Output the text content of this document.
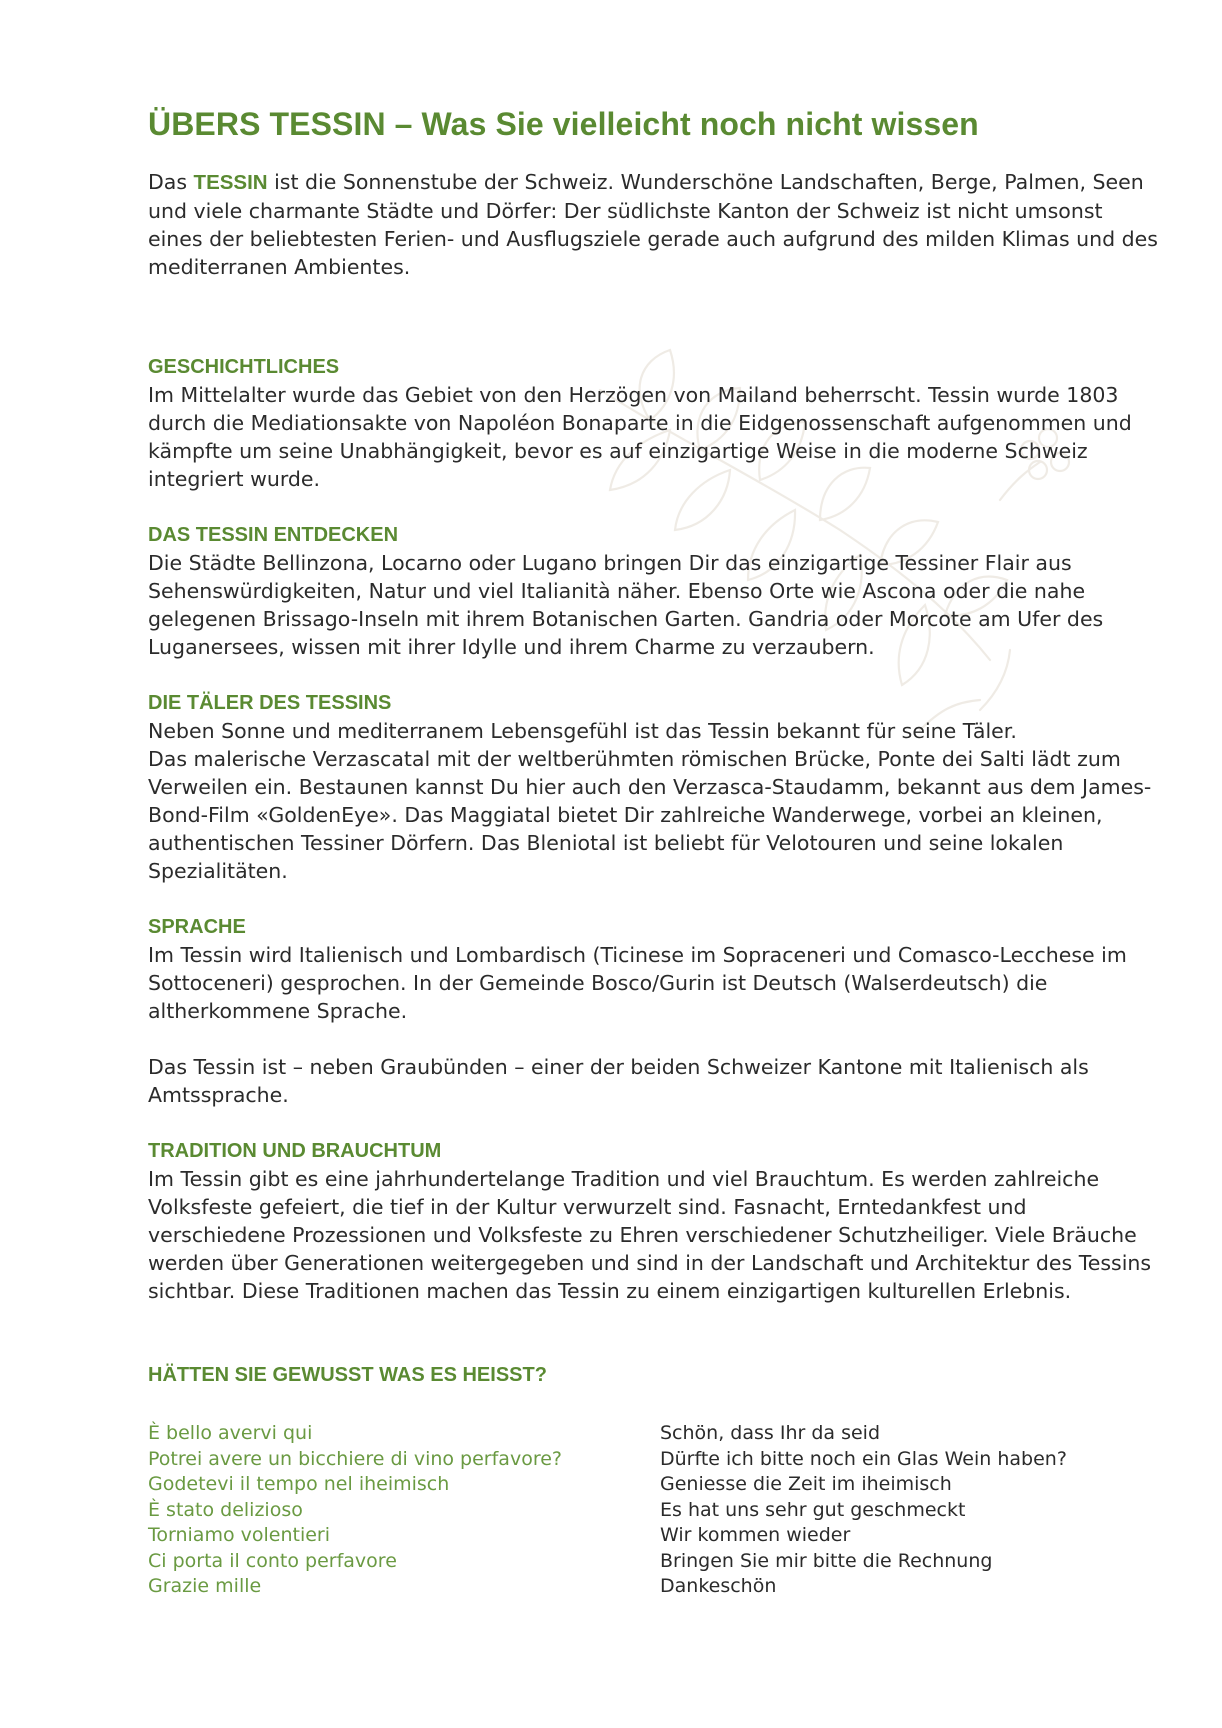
ÜBERS TESSIN – Was Sie vielleicht noch nicht wissen

Das TESSIN ist die Sonnenstube der Schweiz. Wunderschöne Landschaften, Berge, Palmen, Seen und viele charmante Städte und Dörfer: Der südlichste Kanton der Schweiz ist nicht umsonst eines der beliebtesten Ferien- und Ausflugsziele gerade auch aufgrund des milden Klimas und des mediterranen Ambientes.

GESCHICHTLICHES

Im Mittelalter wurde das Gebiet von den Herzögen von Mailand beherrscht. Tessin wurde 1803 durch die Mediationsakte von Napoléon Bonaparte in die Eidgenossenschaft aufgenommen und kämpfte um seine Unabhängigkeit, bevor es auf einzigartige Weise in die moderne Schweiz integriert wurde.

DAS TESSIN ENTDECKEN

Die Städte Bellinzona, Locarno oder Lugano bringen Dir das einzigartige Tessiner Flair aus Sehenswürdigkeiten, Natur und viel Italianità näher. Ebenso Orte wie Ascona oder die nahe gelegenen Brissago-Inseln mit ihrem Botanischen Garten. Gandria oder Morcote am Ufer des Luganersees, wissen mit ihrer Idylle und ihrem Charme zu verzaubern.

DIE TÄLER DES TESSINS

Neben Sonne und mediterranem Lebensgefühl ist das Tessin bekannt für seine Täler.

Das malerische Verzascatal mit der weltberühmten römischen Brücke, Ponte dei Salti lädt zum Verweilen ein. Bestaunen kannst Du hier auch den Verzasca-Staudamm, bekannt aus dem James-Bond-Film «GoldenEye». Das Maggiatal bietet Dir zahlreiche Wanderwege, vorbei an kleinen, authentischen Tessiner Dörfern. Das Bleniotal ist beliebt für Velotouren und seine lokalen Spezialitäten.

SPRACHE

Im Tessin wird Italienisch und Lombardisch (Ticinese im Sopraceneri und Comasco-Lecchese im Sottoceneri) gesprochen. In der Gemeinde Bosco/Gurin ist Deutsch (Walserdeutsch) die altherkommene Sprache.

Das Tessin ist – neben Graubünden – einer der beiden Schweizer Kantone mit Italienisch als Amtssprache.

TRADITION UND BRAUCHTUM

Im Tessin gibt es eine jahrhundertelange Tradition und viel Brauchtum. Es werden zahlreiche Volksfeste gefeiert, die tief in der Kultur verwurzelt sind. Fasnacht, Erntedankfest und verschiedene Prozessionen und Volksfeste zu Ehren verschiedener Schutzheiliger. Viele Bräuche werden über Generationen weitergegeben und sind in der Landschaft und Architektur des Tessins sichtbar. Diese Traditionen machen das Tessin zu einem einzigartigen kulturellen Erlebnis.

HÄTTEN SIE GEWUSST WAS ES HEISST?
È bello avervi qui
Potrei avere un bicchiere di vino perfavore?
Godetevi il tempo nel iheimisch
È stato delizioso
Torniamo volentieri
Ci porta il conto perfavore
Grazie mille
Schön, dass Ihr da seid
Dürfte ich bitte noch ein Glas Wein haben?
Geniesse die Zeit im iheimisch
Es hat uns sehr gut geschmeckt
Wir kommen wieder
Bringen Sie mir bitte die Rechnung
Dankeschön
